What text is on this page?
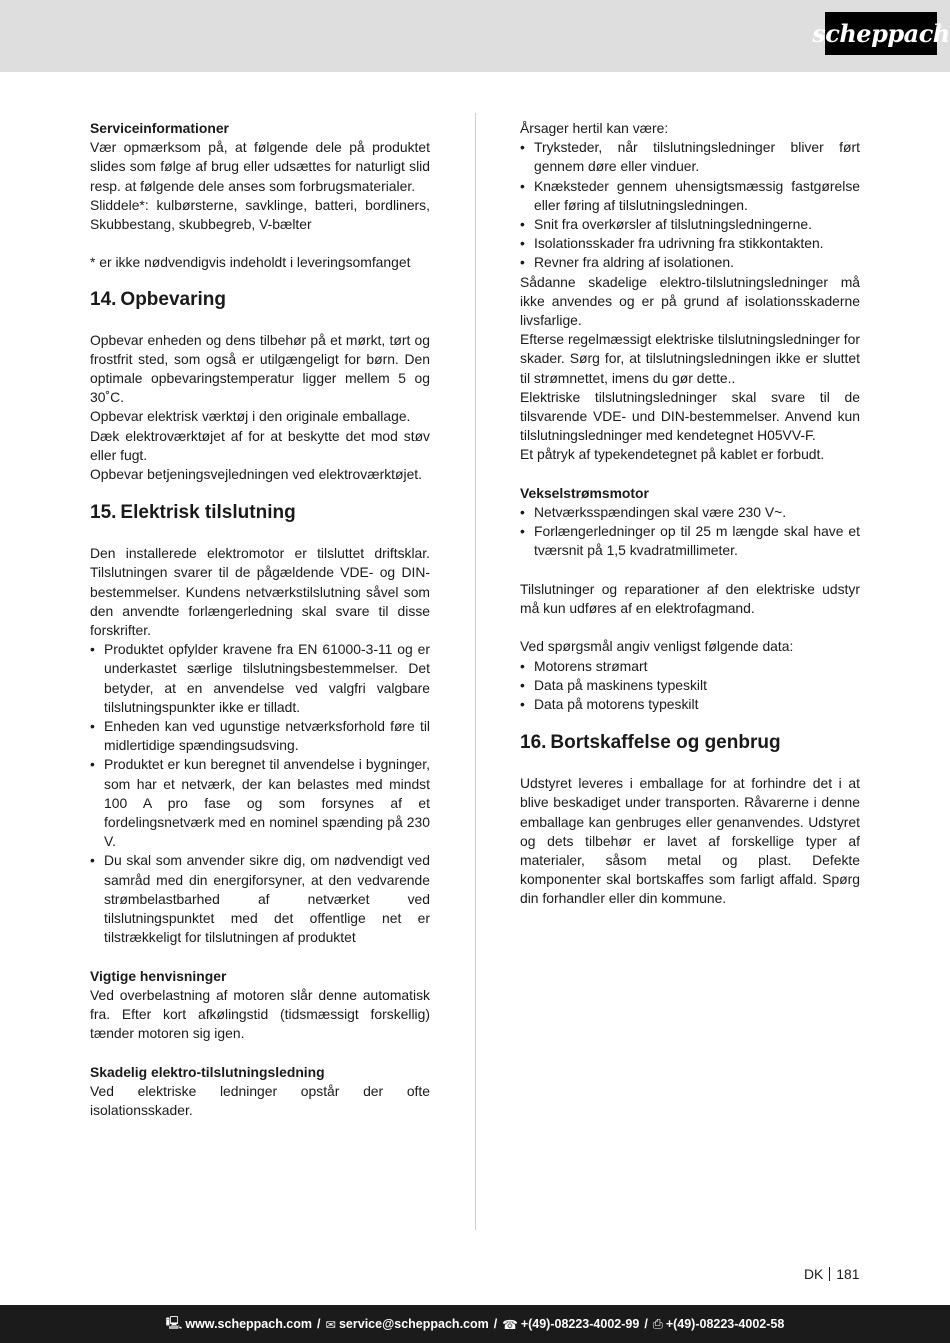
scheppach

Serviceinformationer

Vær opmærksom på, at følgende dele på produktet slides som følge af brug eller udsættes for naturligt slid resp. at følgende dele anses som forbrugsmaterialer.

Sliddele*: kulbørsterne, savklinge, batteri, bordliners, Skubbestang, skubbegreb, V-bælter

* er ikke nødvendigvis indeholdt i leveringsomfanget

14. Opbevaring

Opbevar enheden og dens tilbehør på et mørkt, tørt og frostfrit sted, som også er utilgængeligt for børn. Den optimale opbevaringstemperatur ligger mellem 5 og 30˚C.

Opbevar elektrisk værktøj i den originale emballage.

Dæk elektroværktøjet af for at beskytte det mod støv eller fugt.

Opbevar betjeningsvejledningen ved elektroværktøjet.

15. Elektrisk tilslutning

Den installerede elektromotor er tilsluttet driftsklar. Tilslutningen svarer til de pågældende VDE- og DIN-bestemmelser. Kundens netværkstilslutning såvel som den anvendte forlængerledning skal svare til disse forskrifter.

• Produktet opfylder kravene fra EN 61000-3-11 og er underkastet særlige tilslutningsbestemmelser. Det betyder, at en anvendelse ved valgfri valgbare tilslutningspunkter ikke er tilladt.
• Enheden kan ved ugunstige netværksforhold føre til midlertidige spændingsudsving.
• Produktet er kun beregnet til anvendelse i bygninger, som har et netværk, der kan belastes med mindst 100 A pro fase og som forsynes af et fordelingsnetværk med en nominel spænding på 230 V.
• Du skal som anvender sikre dig, om nødvendigt ved samråd med din energiforsyner, at den vedvarende strømbelastbarhed af netværket ved tilslutningspunktet med det offentlige net er tilstrækkeligt for tilslutningen af produktet

Vigtige henvisninger

Ved overbelastning af motoren slår denne automatisk fra. Efter kort afkølingstid (tidsmæssigt forskellig) tænder motoren sig igen.

Skadelig elektro-tilslutningsledning

Ved elektriske ledninger opstår der ofte isolationsskader.

Årsager hertil kan være:

• Tryksteder, når tilslutningsledninger bliver ført gennem døre eller vinduer.
• Knæksteder gennem uhensigtsmæssig fastgørelse eller føring af tilslutningsledningen.
• Snit fra overkørsler af tilslutningsledningerne.
• Isolationsskader fra udrivning fra stikkontakten.
• Revner fra aldring af isolationen.

Sådanne skadelige elektro-tilslutningsledninger må ikke anvendes og er på grund af isolationsskaderne livsfarlige.

Efterse regelmæssigt elektriske tilslutningsledninger for skader. Sørg for, at tilslutningsledningen ikke er sluttet til strømnettet, imens du gør dette..

Elektriske tilslutningsledninger skal svare til de tilsvarende VDE- und DIN-bestemmelser. Anvend kun tilslutningsledninger med kendetegnet H05VV-F.

Et påtryk af typekendetegnet på kablet er forbudt.

Vekselstrømsmotor

• Netværksspændingen skal være 230 V~.
• Forlængerledninger op til 25 m længde skal have et tværsnit på 1,5 kvadratmillimeter.

Tilslutninger og reparationer af den elektriske udstyr må kun udføres af en elektrofagmand.

Ved spørgsmål angiv venligst følgende data:

• Motorens strømart
• Data på maskinens typeskilt
• Data på motorens typeskilt
16. Bortskaffelse og genbrug

Udstyret leveres i emballage for at forhindre det i at blive beskadiget under transporten. Råvarerne i denne emballage kan genbruges eller genanvendes. Udstyret og dets tilbehør er lavet af forskellige typer af materialer, såsom metal og plast. Defekte komponenter skal bortskaffes som farligt affald. Spørg din forhandler eller din kommune.

DK 181
🖳 www.scheppach.com / ✉ service@scheppach.com / ☎ +(49)-08223-4002-99 / ⎙ +(49)-08223-4002-58
